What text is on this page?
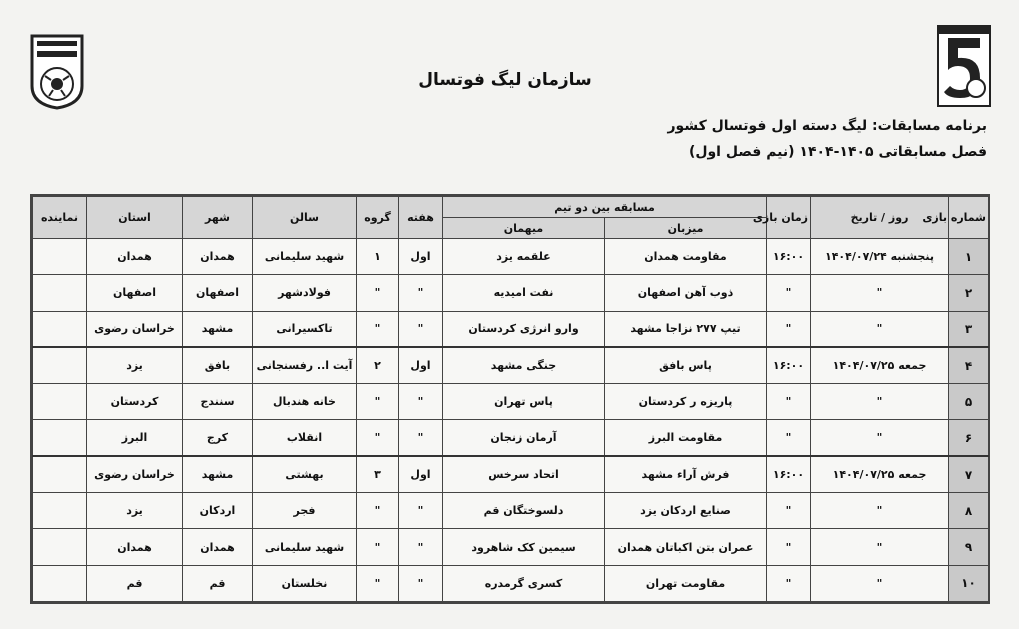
سازمان لیگ فوتسال
برنامه مسابقات: لیگ دسته اول فوتسال کشور
فصل مسابقاتی ۱۴۰۵-۱۴۰۴ (نیم فصل اول)
شماره بازی	روز / تاریخ	زمان بازی	مسابقه بین دو تیم		هفته	گروه	سالن	شهر	استان	نماینده
			میزبان	میهمان						
۱	پنجشنبه ۱۴۰۴/۰۷/۲۴	۱۶:۰۰	مقاومت همدان	علقمه یزد	اول	۱	شهید سلیمانی	همدان	همدان	
۲	"	"	ذوب آهن اصفهان	نفت امیدیه	"	"	فولادشهر	اصفهان	اصفهان	
۳	"	"	تیپ ۲۷۷ نزاجا مشهد	وارو انرژی کردستان	"	"	تاکسیرانی	مشهد	خراسان رضوی	
۴	جمعه ۱۴۰۴/۰۷/۲۵	۱۶:۰۰	پاس بافق	جنگی مشهد	اول	۲	آیت ا.. رفسنجانی	بافق	یزد	
۵	"	"	پاریزه ر کردستان	پاس تهران	"	"	خانه هندبال	سنندج	کردستان	
۶	"	"	مقاومت البرز	آرمان زنجان	"	"	انقلاب	کرج	البرز	
۷	جمعه ۱۴۰۴/۰۷/۲۵	۱۶:۰۰	فرش آراء مشهد	اتحاد سرخس	اول	۳	بهشتی	مشهد	خراسان رضوی	
۸	"	"	صنایع اردکان یزد	دلسوختگان قم	"	"	فجر	اردکان	یزد	
۹	"	"	عمران بتن اکباتان همدان	سیمین کک شاهرود	"	"	شهید سلیمانی	همدان	همدان	
۱۰	"	"	مقاومت تهران	کسری گرمدره	"	"	نخلستان	قم	قم	
